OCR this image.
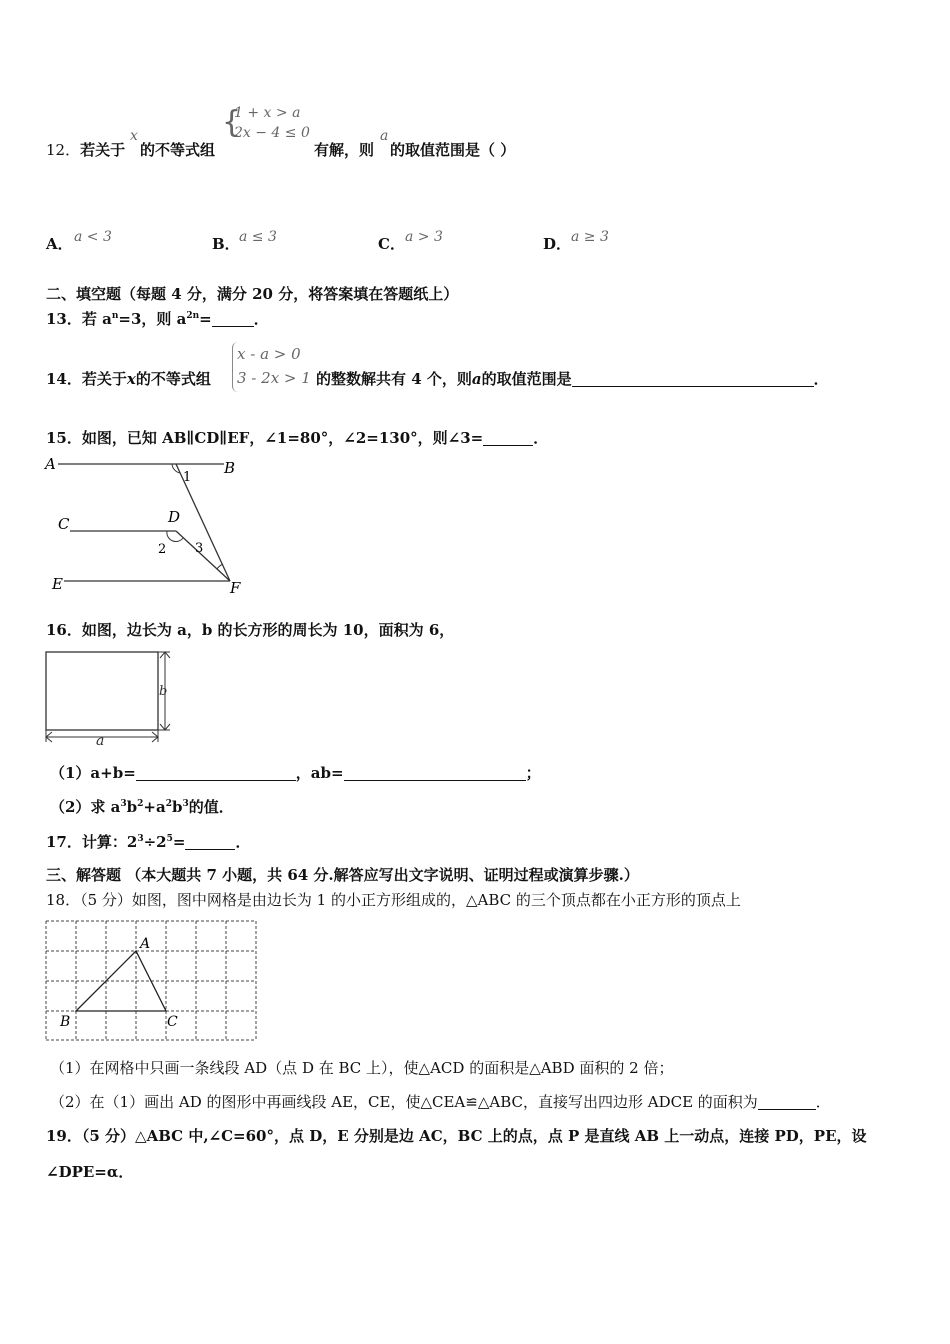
12．若关于
x
的不等式组
{
1 + x > a
2x − 4 ≤ 0
有解，则
a
的取值范围是（ ）
A． a < 3	B． a ≤ 3	C． a > 3	D． a ≥ 3
二、填空题（每题 4 分，满分 20 分，将答案填在答题纸上）
13．若 $a^n=3$，则 $a^{2n}=$	．
14．若关于x的不等式组
x - a > 0
3 - 2x > 1 的整数解共有 4 个，则a的取值范围是	．
15．如图，已知 AB∥CD∥EF，∠1=80°，∠2=130°，则∠3=	．
A	B
C	D
E	F
1
2 3
16．如图，边长为 a，b 的长方形的周长为 10，面积为 6，
b
a
（1）a+b=	，ab=	；
（2）求 $a^3b^2+a^2b^3$的值．
17．计算：$2^3\div 2^5=$	．
三、解答题 （本大题共 7 小题，共 64 分.解答应写出文字说明、证明过程或演算步骤.）
18．（5 分）如图，图中网格是由边长为 1 的小正方形组成的，△ABC 的三个顶点都在小正方形的顶点上
A
B	C
（1）在网格中只画一条线段 AD（点 D 在 BC 上），使△ACD 的面积是△ABD 面积的 2 倍；
（2）在（1）画出 AD 的图形中再画线段 AE，CE，使△CEA≌△ABC，直接写出四边形 ADCE 的面积为	．
19．（5 分）△ABC 中,∠C=60°，点 D，E 分别是边 AC，BC 上的点，点 P 是直线 AB 上一动点，连接 PD，PE，设
∠DPE=α．
